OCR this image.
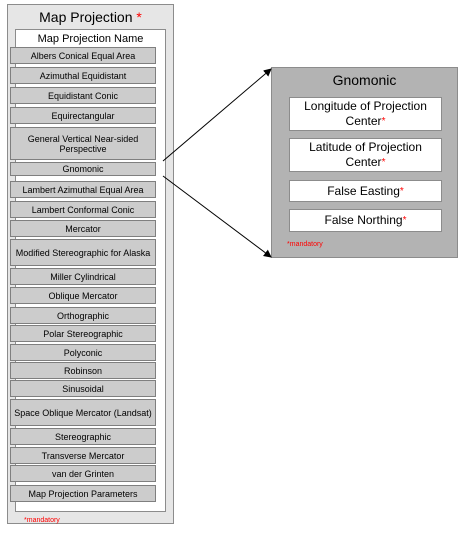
Map Projection *
Map Projection Name
*mandatory
Albers Conical Equal Area
Azimuthal Equidistant
Equidistant Conic
Equirectangular
General Vertical Near-sided Perspective
Gnomonic
Lambert Azimuthal Equal Area
Lambert Conformal Conic
Mercator
Modified Stereographic for Alaska
Miller Cylindrical
Oblique Mercator
Orthographic
Polar Stereographic
Polyconic
Robinson
Sinusoidal
Space Oblique Mercator (Landsat)
Stereographic
Transverse Mercator
van der Grinten
Map Projection Parameters
Gnomonic
*mandatory
Longitude of Projection Center*
Latitude of Projection Center*
False Easting*
False Northing*
